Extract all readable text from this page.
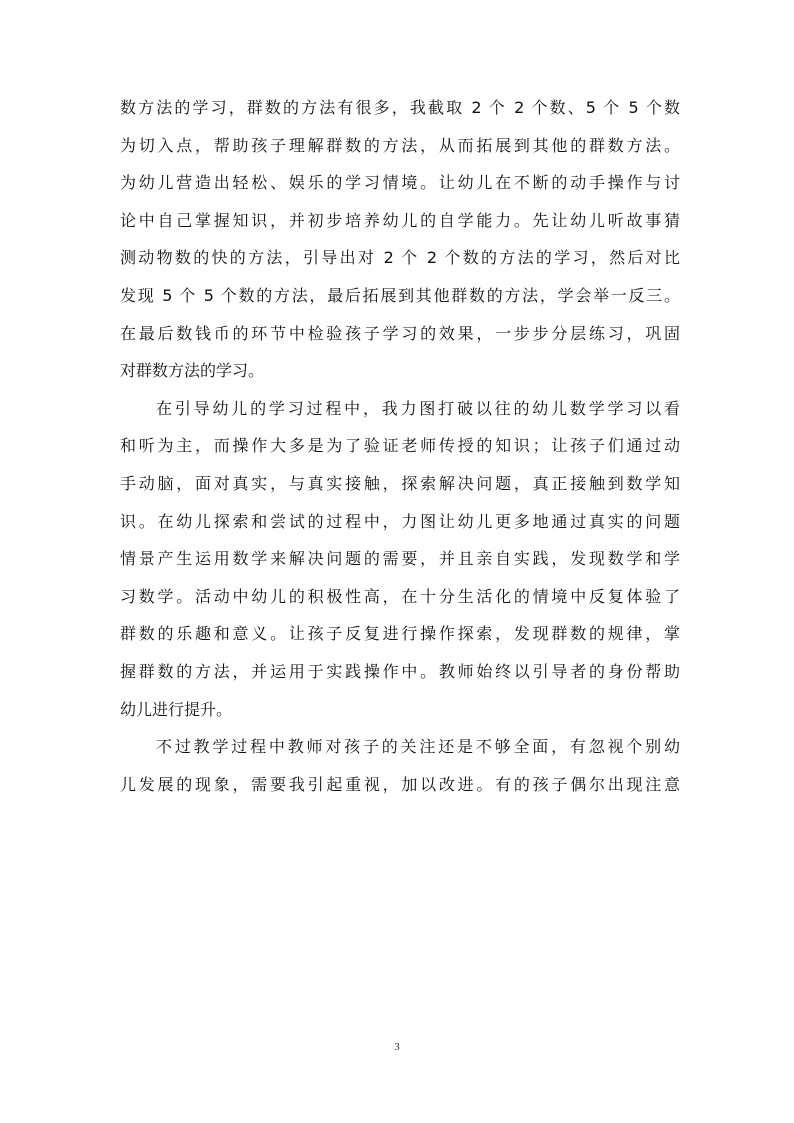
数方法的学习，群数的方法有很多，我截取 2 个 2 个数、5 个 5 个数
为切入点，帮助孩子理解群数的方法，从而拓展到其他的群数方法。
为幼儿营造出轻松、娱乐的学习情境。让幼儿在不断的动手操作与讨
论中自己掌握知识，并初步培养幼儿的自学能力。先让幼儿听故事猜
测动物数的快的方法，引导出对 2 个 2 个数的方法的学习，然后对比
发现 5 个 5 个数的方法，最后拓展到其他群数的方法，学会举一反三。
在最后数钱币的环节中检验孩子学习的效果，一步步分层练习，巩固
对群数方法的学习。
在引导幼儿的学习过程中，我力图打破以往的幼儿数学学习以看
和听为主，而操作大多是为了验证老师传授的知识；让孩子们通过动
手动脑，面对真实，与真实接触，探索解决问题，真正接触到数学知
识。在幼儿探索和尝试的过程中，力图让幼儿更多地通过真实的问题
情景产生运用数学来解决问题的需要，并且亲自实践，发现数学和学
习数学。活动中幼儿的积极性高，在十分生活化的情境中反复体验了
群数的乐趣和意义。让孩子反复进行操作探索，发现群数的规律，掌
握群数的方法，并运用于实践操作中。教师始终以引导者的身份帮助
幼儿进行提升。
不过教学过程中教师对孩子的关注还是不够全面，有忽视个别幼
儿发展的现象，需要我引起重视，加以改进。有的孩子偶尔出现注意
3
